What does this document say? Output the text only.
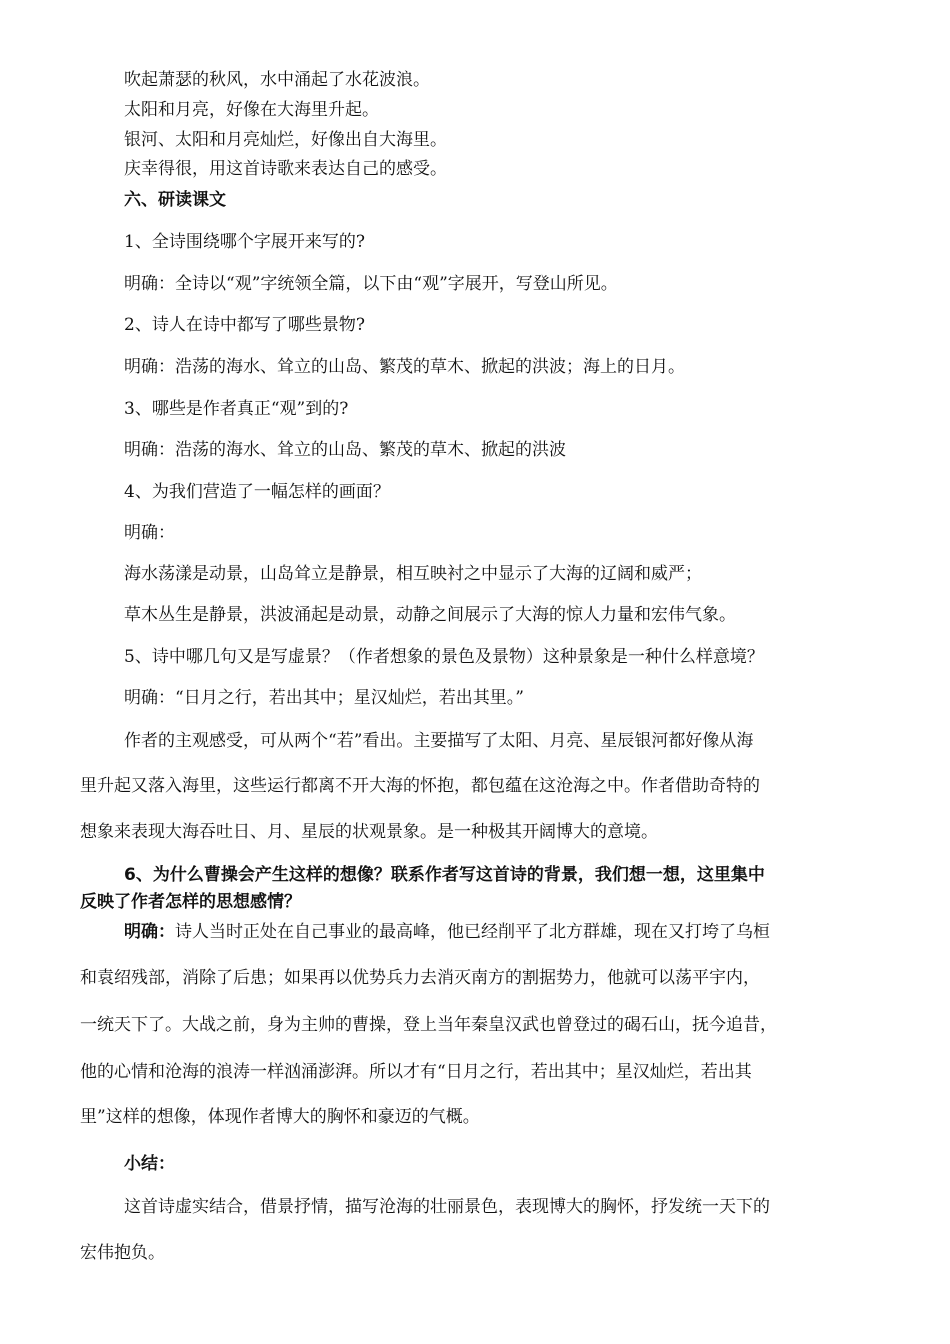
吹起萧瑟的秋风，水中涌起了水花波浪。
太阳和月亮，好像在大海里升起。
银河、太阳和月亮灿烂，好像出自大海里。
庆幸得很，用这首诗歌来表达自己的感受。
六、研读课文
1、全诗围绕哪个字展开来写的?
明确：全诗以“观”字统领全篇，以下由“观”字展开，写登山所见。
2、诗人在诗中都写了哪些景物?
明确：浩荡的海水、耸立的山岛、繁茂的草木、掀起的洪波；海上的日月。
3、哪些是作者真正“观”到的?
明确：浩荡的海水、耸立的山岛、繁茂的草木、掀起的洪波
4、为我们营造了一幅怎样的画面？
明确：
海水荡漾是动景，山岛耸立是静景，相互映衬之中显示了大海的辽阔和威严；
草木丛生是静景，洪波涌起是动景，动静之间展示了大海的惊人力量和宏伟气象。
5、诗中哪几句又是写虚景？（作者想象的景色及景物）这种景象是一种什么样意境？
明确：“日月之行，若出其中；星汉灿烂，若出其里。”
作者的主观感受，可从两个“若”看出。主要描写了太阳、月亮、星辰银河都好像从海
里升起又落入海里，这些运行都离不开大海的怀抱，都包蕴在这沧海之中。作者借助奇特的
想象来表现大海吞吐日、月、星辰的状观景象。是一种极其开阔博大的意境。
6、为什么曹操会产生这样的想像？联系作者写这首诗的背景，我们想一想，这里集中
反映了作者怎样的思想感情？
明确：诗人当时正处在自己事业的最高峰，他已经削平了北方群雄，现在又打垮了乌桓
和袁绍残部，消除了后患；如果再以优势兵力去消灭南方的割据势力，他就可以荡平宇内，
一统天下了。大战之前，身为主帅的曹操，登上当年秦皇汉武也曾登过的碣石山，抚今追昔，
他的心情和沧海的浪涛一样汹涌澎湃。所以才有“日月之行，若出其中；星汉灿烂，若出其
里”这样的想像，体现作者博大的胸怀和豪迈的气概。
小结：
这首诗虚实结合，借景抒情，描写沧海的壮丽景色，表现博大的胸怀，抒发统一天下的
宏伟抱负。
